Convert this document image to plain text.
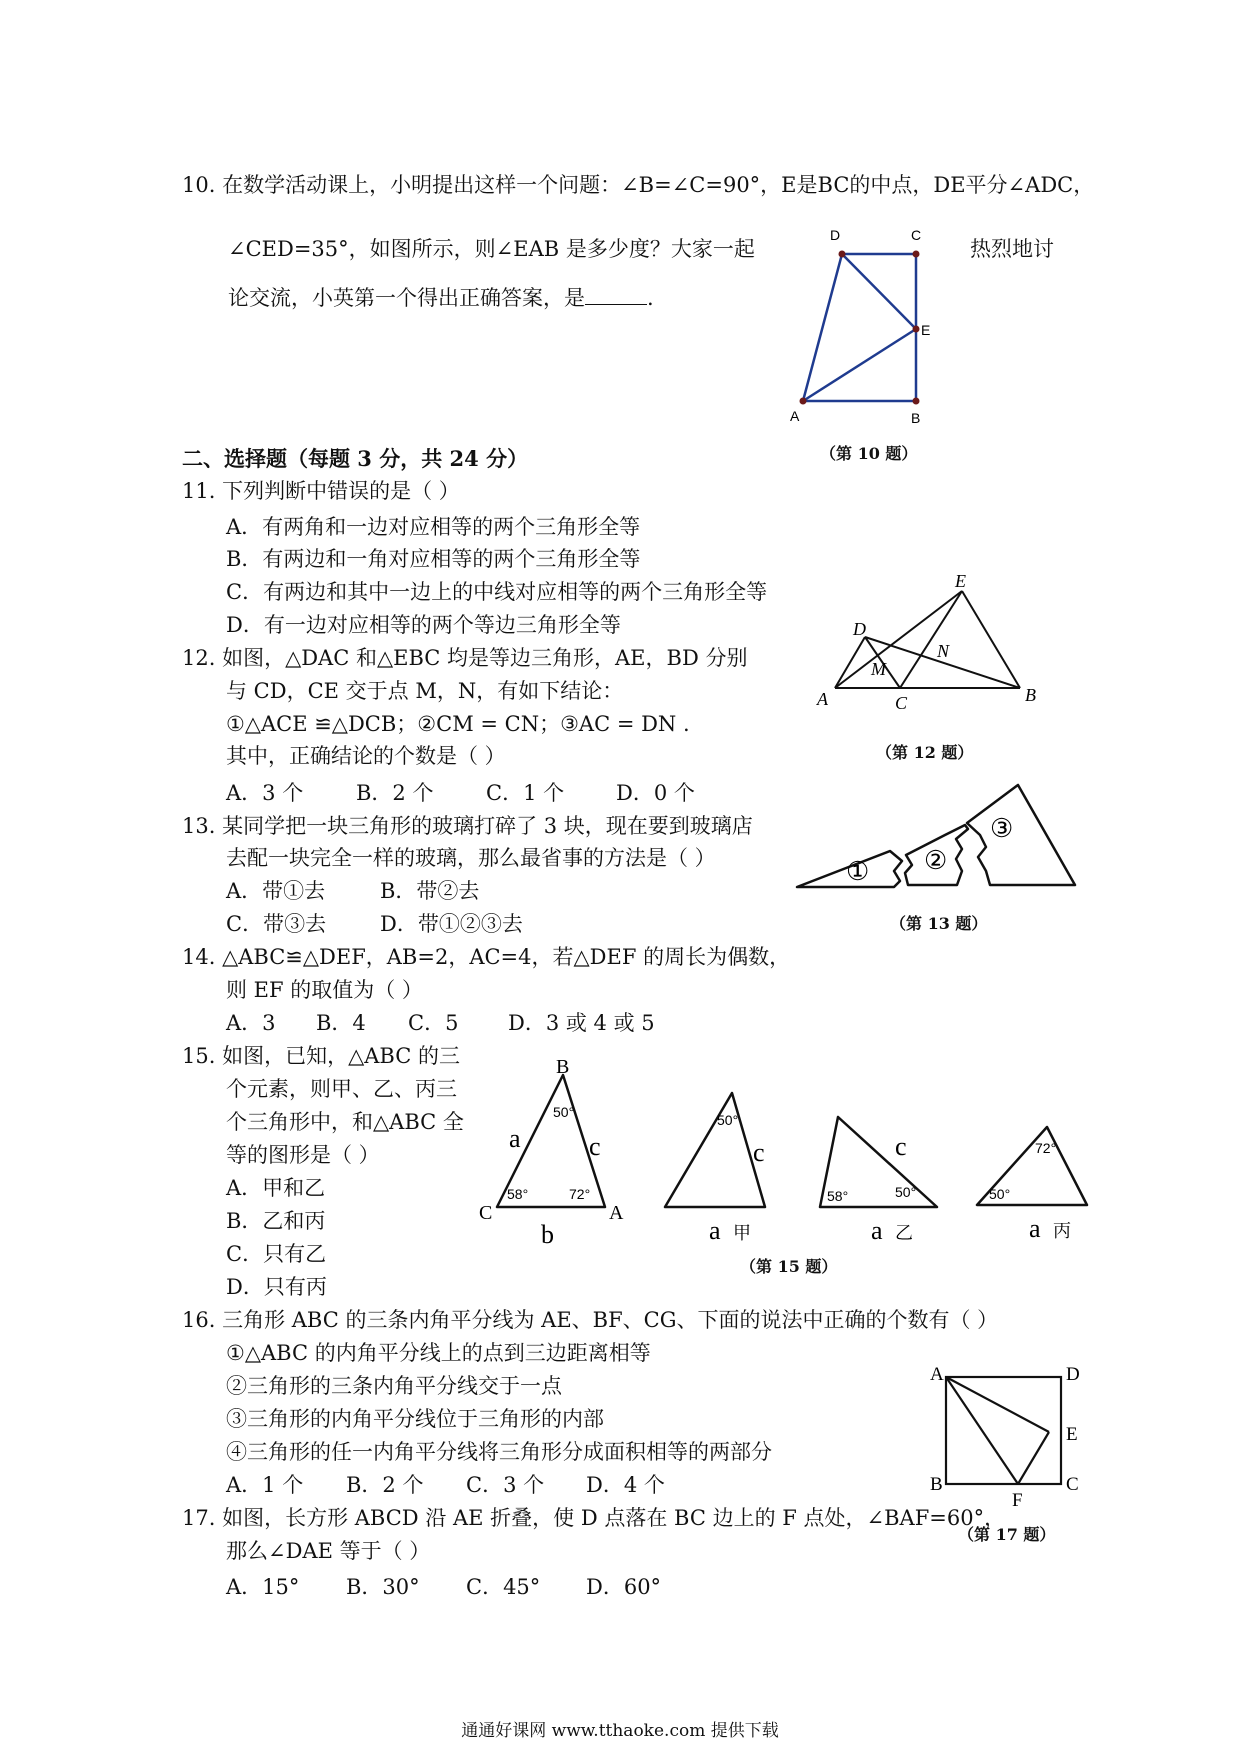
10. 在数学活动课上，小明提出这样一个问题：∠B=∠C=90°，E是BC的中点，DE平分∠ADC，
∠CED=35°，如图所示，则∠EAB 是多少度？大家一起	热烈地讨
论交流，小英第一个得出正确答案，是	.
D	C
E
A	B
（第 10 题）
二、选择题（每题 3 分，共 24 分）
11. 下列判断中错误的是（ ）
A．有两角和一边对应相等的两个三角形全等
B．有两边和一角对应相等的两个三角形全等
C．有两边和其中一边上的中线对应相等的两个三角形全等
D．有一边对应相等的两个等边三角形全等
12. 如图，△DAC 和△EBC 均是等边三角形，AE，BD 分别
与 CD，CE 交于点 M，N，有如下结论：
①△ACE ≌△DCB；②CM = CN；③AC = DN .
其中，正确结论的个数是（ ）
A．3 个	B．2 个	C．1 个 D．0 个
E
D
N
M
A	C	B
（第 12 题）
13. 某同学把一块三角形的玻璃打碎了 3 块，现在要到玻璃店
去配一块完全一样的玻璃，那么最省事的方法是（ ）
A．带①去	B．带②去
C．带③去	D．带①②③去
① ②
③
（第 13 题）
14. △ABC≌△DEF，AB=2，AC=4，若△DEF 的周长为偶数，
则 EF 的取值为（ ）
A．3 B．4 C．5 D．3 或 4 或 5
15. 如图，已知，△ABC 的三
个元素，则甲、乙、丙三
个三角形中，和△ABC 全
等的图形是（ ）
A．甲和乙
B．乙和丙
C．只有乙
D．只有丙
B
a	c
50°
58°	72°
C	A
b
50°
c
a 甲
c
58°	50°
a 乙
72°
50°
a 丙
（第 15 题）
16. 三角形 ABC 的三条内角平分线为 AE、BF、CG、下面的说法中正确的个数有（ ）
①△ABC 的内角平分线上的点到三边距离相等
②三角形的三条内角平分线交于一点
③三角形的内角平分线位于三角形的内部
④三角形的任一内角平分线将三角形分成面积相等的两部分
A．1 个 B．2 个 C．3 个 D．4 个
17. 如图，长方形 ABCD 沿 AE 折叠，使 D 点落在 BC 边上的 F 点处，∠BAF=60°，
那么∠DAE 等于（ ）
A．15° B．30° C．45° D．60°
A	D
E
B	C
F
（第 17 题）
通通好课网 www.tthaoke.com 提供下载
